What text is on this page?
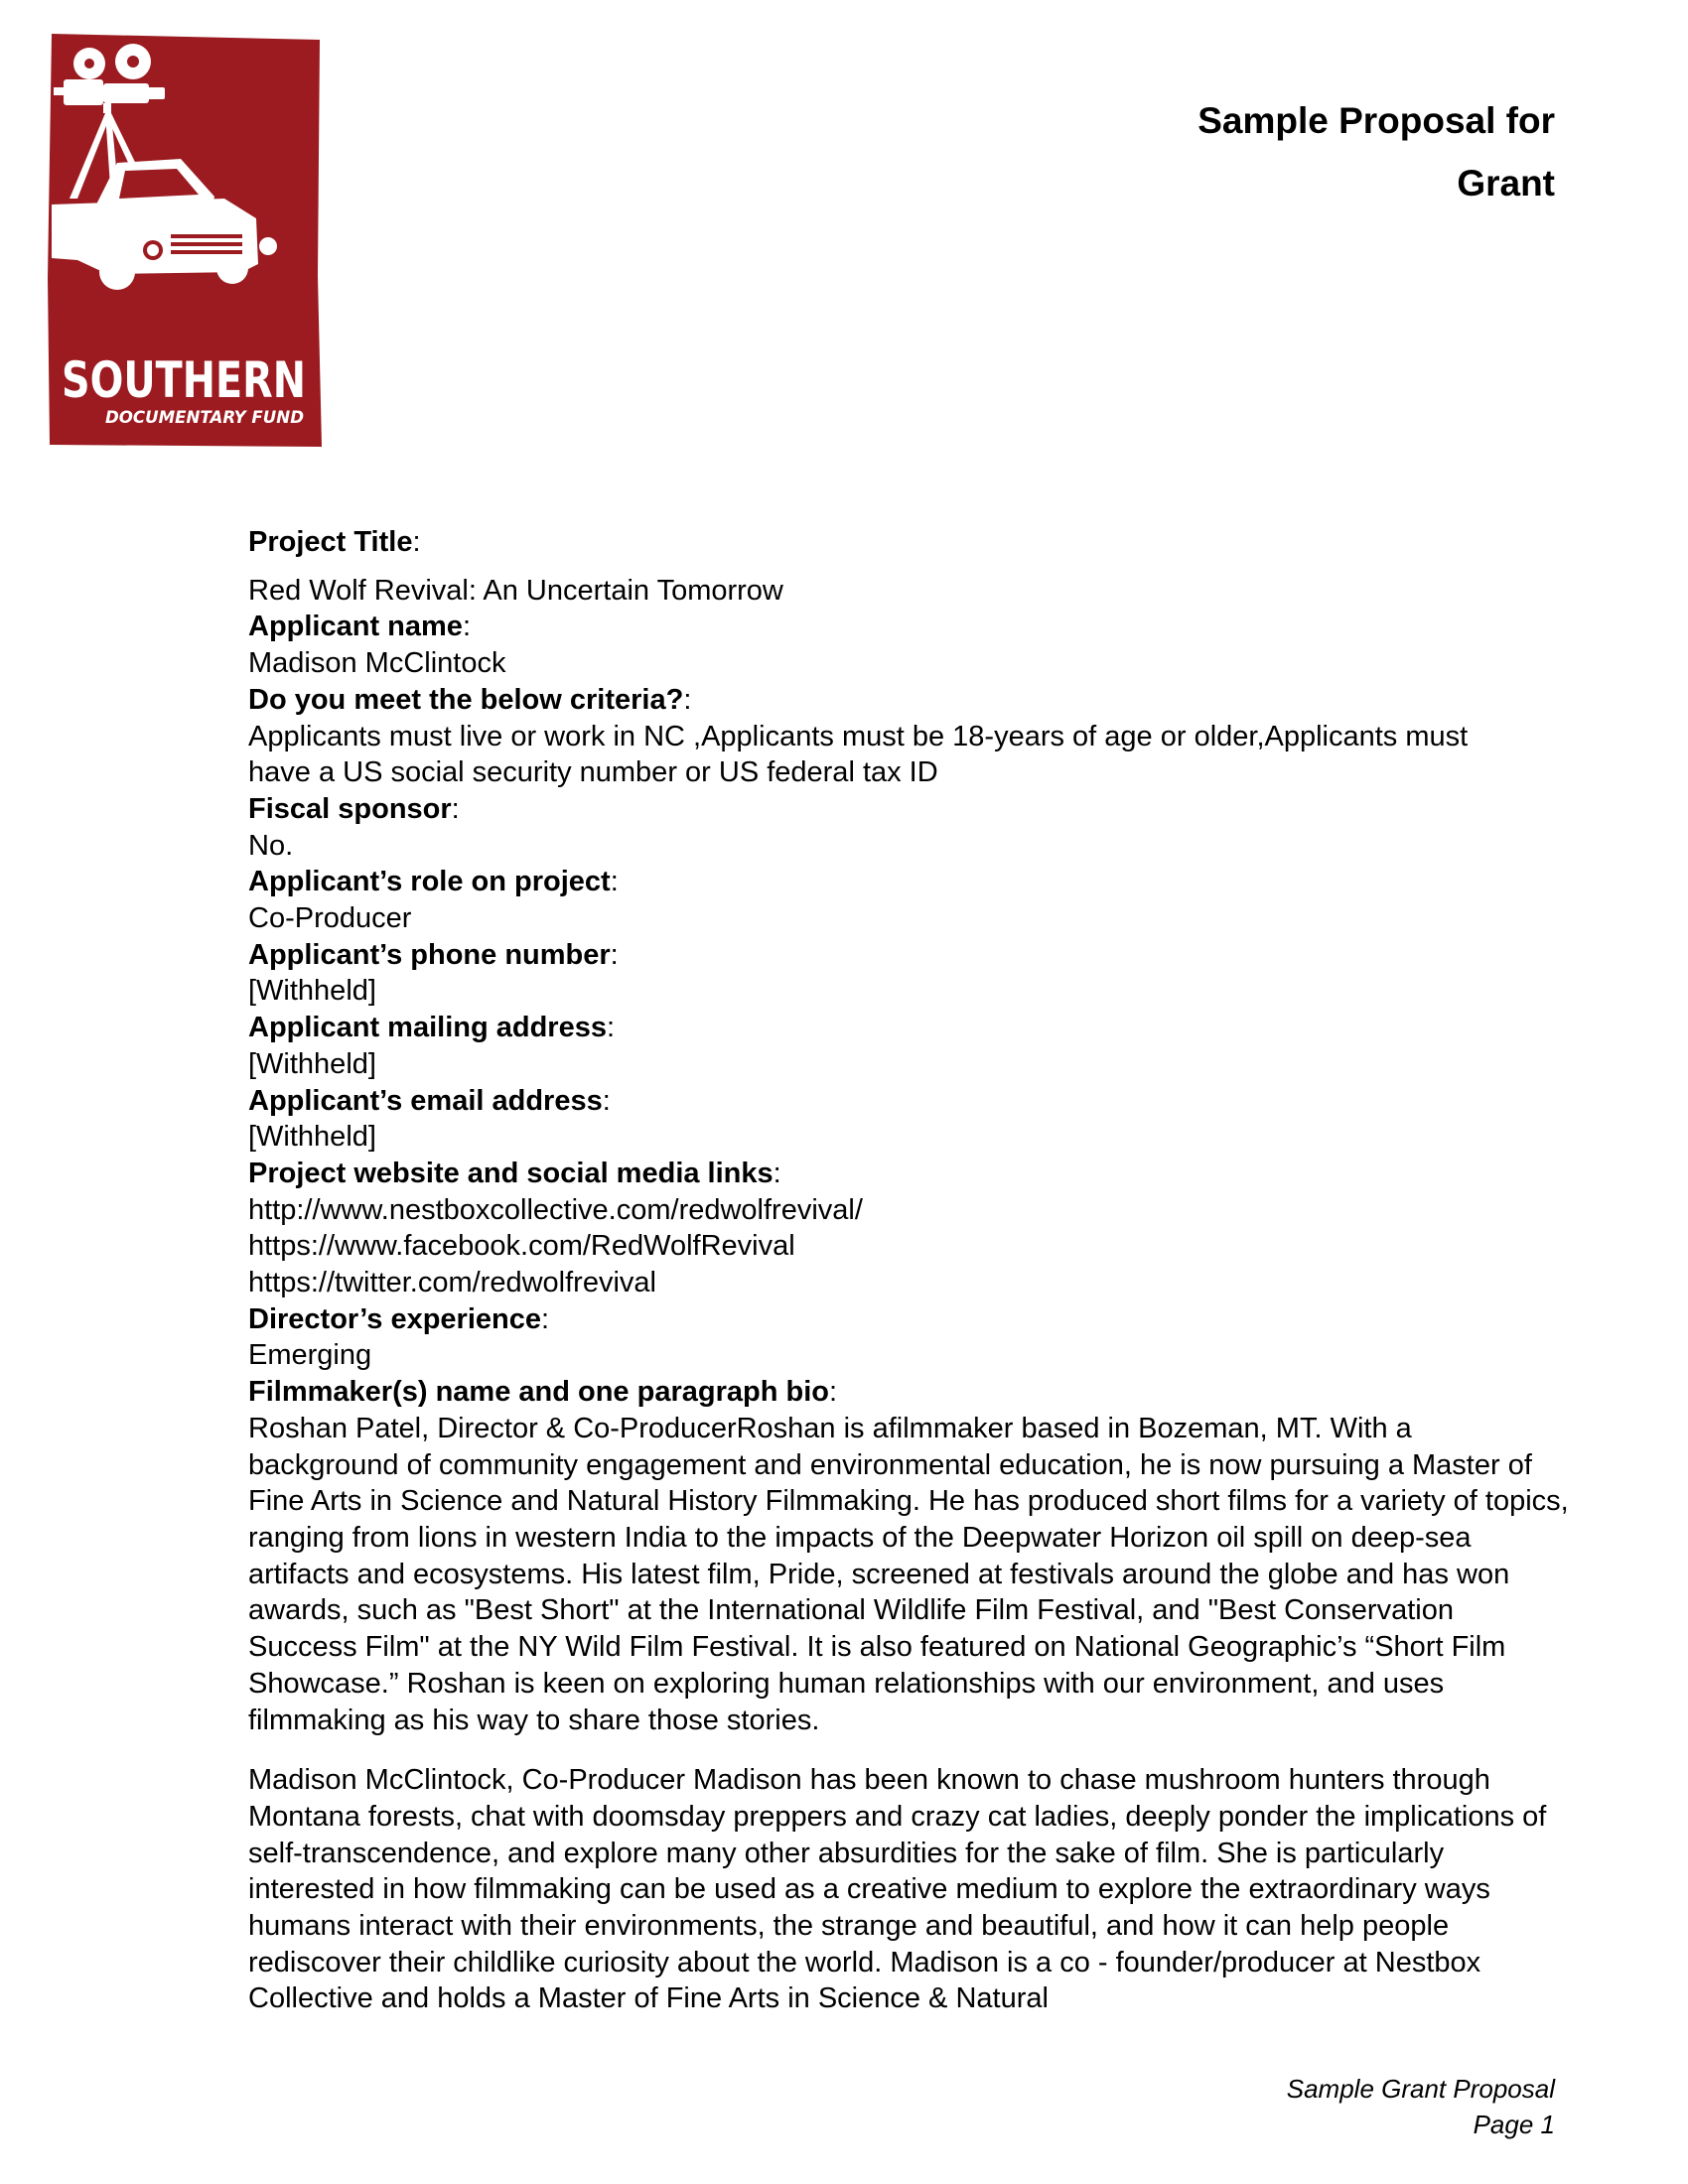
SOUTHERN
DOCUMENTARY FUND
Sample Proposal for
Grant
Project Title:
Red Wolf Revival: An Uncertain Tomorrow
Applicant name:
Madison McClintock
Do you meet the below criteria?:
Applicants must live or work in NC ,Applicants must be 18-years of age or older,Applicants must have a US social security number or US federal tax ID
Fiscal sponsor:
No.
Applicant’s role on project:
Co-Producer
Applicant’s phone number:
[Withheld]
Applicant mailing address:
[Withheld]
Applicant’s email address:
[Withheld]
Project website and social media links:
http://www.nestboxcollective.com/redwolfrevival/
https://www.facebook.com/RedWolfRevival
https://twitter.com/redwolfrevival
Director’s experience:
Emerging
Filmmaker(s) name and one paragraph bio:

Roshan Patel, Director & Co-ProducerRoshan is afilmmaker based in Bozeman, MT. With a background of community engagement and environmental education, he is now pursuing a Master of Fine Arts in Science and Natural History Filmmaking. He has produced short films for a variety of topics, ranging from lions in western India to the impacts of the Deepwater Horizon oil spill on deep-sea artifacts and ecosystems. His latest film, Pride, screened at festivals around the globe and has won awards, such as "Best Short" at the International Wildlife Film Festival, and "Best Conservation Success Film" at the NY Wild Film Festival. It is also featured on National Geographic’s “Short Film Showcase.” Roshan is keen on exploring human relationships with our environment, and uses filmmaking as his way to share those stories.

Madison McClintock, Co-Producer Madison has been known to chase mushroom hunters through Montana forests, chat with doomsday preppers and crazy cat ladies, deeply ponder the implications of self-transcendence, and explore many other absurdities for the sake of film. She is particularly interested in how filmmaking can be used as a creative medium to explore the extraordinary ways humans interact with their environments, the strange and beautiful, and how it can help people rediscover their childlike curiosity about the world. Madison is a co - founder/producer at Nestbox Collective and holds a Master of Fine Arts in Science & Natural

Sample Grant Proposal
Page 1
